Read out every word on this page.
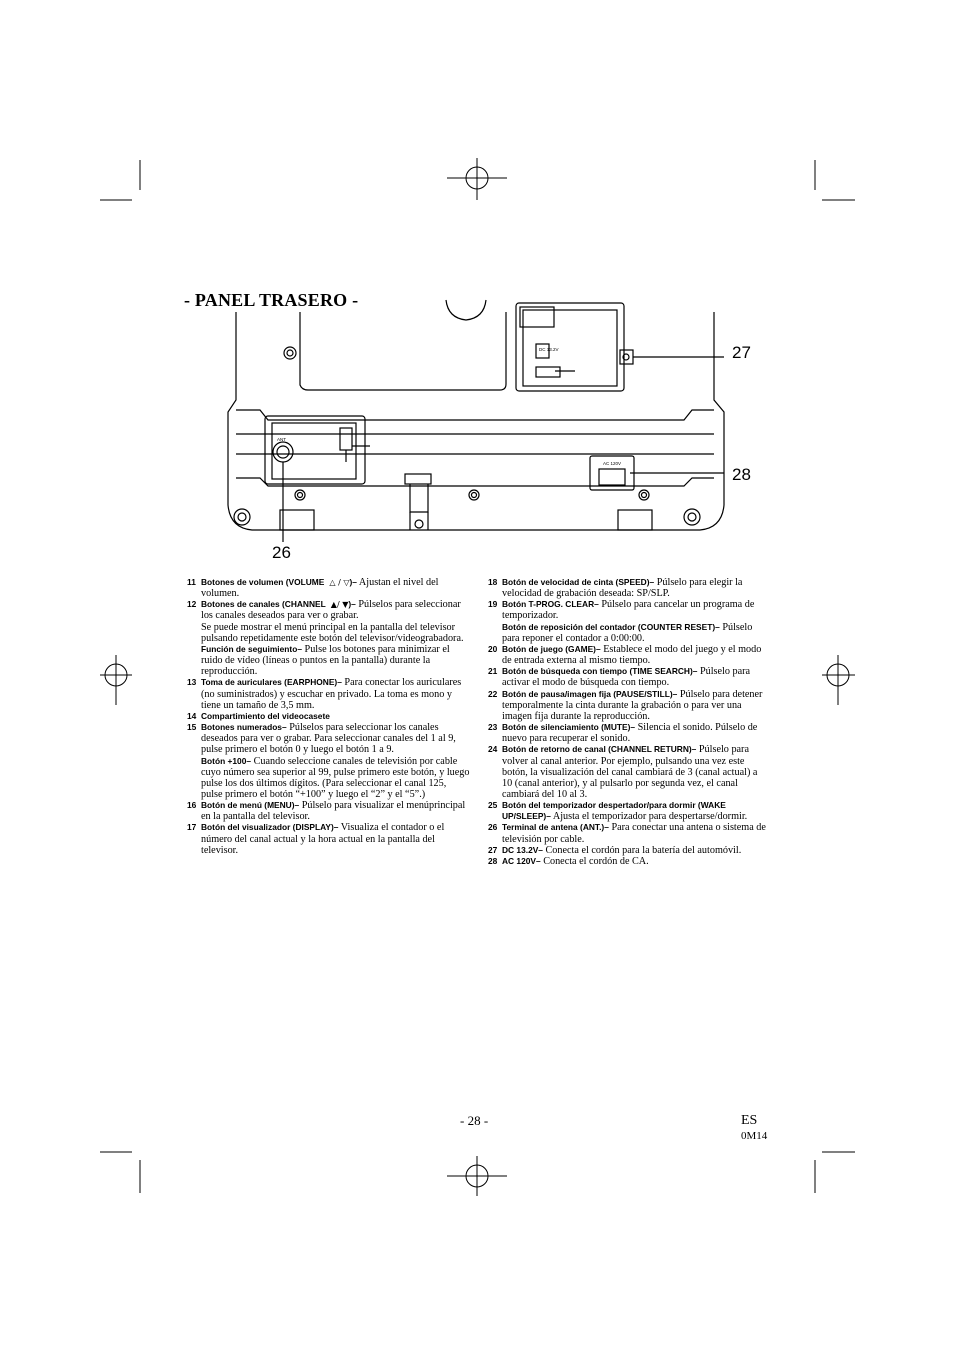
- PANEL TRASERO -
DC 13.2V
ANT
AC 120V
27
28
26
11 Botones de volumen (VOLUME  △ / ▽)– Ajustan el nivel del volumen.
12 Botones de canales (CHANNEL  ▲/ ▼)– Púlselos para seleccionar los canales deseados para ver o grabar.
Se puede mostrar el menú principal en la pantalla del televisor pulsando repetidamente este botón del televisor/videograbadora.
Función de seguimiento– Pulse los botones para minimizar el ruido de vídeo (líneas o puntos en la pantalla) durante la reproducción.
13 Toma de auriculares (EARPHONE)– Para conectar los auriculares (no suministrados) y escuchar en privado. La toma es mono y tiene un tamaño de 3,5 mm.
14 Compartimiento del videocasete
15 Botones numerados– Púlselos para seleccionar los canales deseados para ver o grabar. Para seleccionar canales del 1 al 9, pulse primero el botón 0 y luego el botón 1 a 9.
Botón +100– Cuando seleccione canales de televisión por cable cuyo número sea superior al 99, pulse primero este botón, y luego pulse los dos últimos dígitos. (Para seleccionar el canal 125, pulse primero el botón “+100” y luego el “2” y el “5”.)
16 Botón de menú (MENU)– Púlselo para visualizar el menúprincipal en la pantalla del televisor.
17 Botón del visualizador (DISPLAY)– Visualiza el contador o el número del canal actual y la hora actual en la pantalla del televisor.
18 Botón de velocidad de cinta (SPEED)– Púlselo para elegir la velocidad de grabación deseada: SP/SLP.
19 Botón T-PROG. CLEAR– Púlselo para cancelar un programa de temporizador.
Botón de reposición del contador (COUNTER RESET)– Púlselo para reponer el contador a 0:00:00.
20 Botón de juego (GAME)– Establece el modo del juego y el modo de entrada externa al mismo tiempo.
21 Botón de búsqueda con tiempo (TIME SEARCH)– Púlselo para activar el modo de búsqueda con tiempo.
22 Botón de pausa/imagen fija (PAUSE/STILL)– Púlselo para detener temporalmente la cinta durante la grabación o para ver una imagen fija durante la reproducción.
23 Botón de silenciamiento (MUTE)– Silencia el sonido. Púlselo de nuevo para recuperar el sonido.
24 Botón de retorno de canal (CHANNEL RETURN)– Púlselo para volver al canal anterior. Por ejemplo, pulsando una vez este botón, la visualización del canal cambiará de 3 (canal actual) a 10 (canal anterior), y al pulsarlo por segunda vez, el canal cambiará del 10 al 3.
25 Botón del temporizador despertador/para dormir (WAKE UP/SLEEP)– Ajusta el temporizador para despertarse/dormir.
26 Terminal de antena (ANT.)– Para conectar una antena o sistema de televisión por cable.
27 DC 13.2V– Conecta el cordón para la batería del automóvil.
28 AC 120V– Conecta el cordón de CA.
- 28 -	ES
0M14
